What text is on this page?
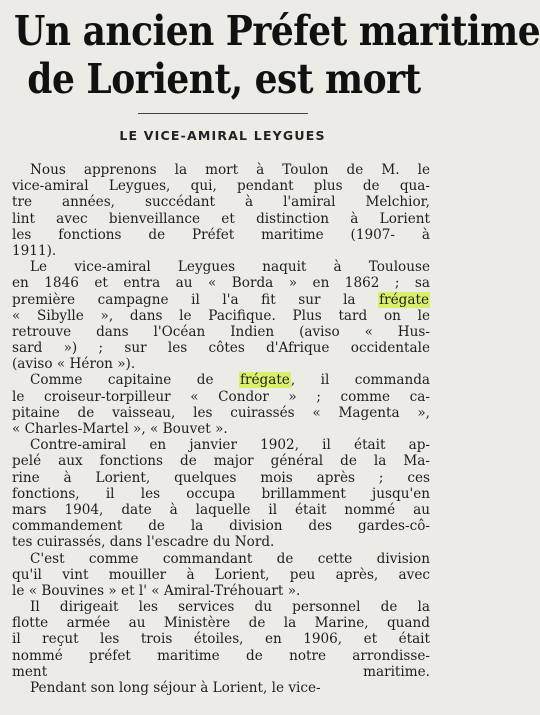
Un ancien Préfet maritime
de Lorient, est mort
LE VICE-AMIRAL LEYGUES
Nous apprenons la mort à Toulon de M. le
vice-amiral Leygues, qui, pendant plus de qua-
tre années, succédant à l'amiral Melchior,
lint avec bienveillance et distinction à Lorient
les fonctions de Préfet maritime (1907- à
1911).
Le vice-amiral Leygues naquit à Toulouse
en 1846 et entra au « Borda » en 1862 ; sa
première campagne il l'a fit sur la frégate
« Sibylle », dans le Pacifique. Plus tard on le
retrouve dans l'Océan Indien (aviso « Hus-
sard ») ; sur les côtes d'Afrique occidentale
(aviso « Héron »).
Comme capitaine de frégate, il commanda
le croiseur-torpilleur « Condor » ; comme ca-
pitaine de vaisseau, les cuirassés « Magenta »,
« Charles-Martel », « Bouvet ».
Contre-amiral en janvier 1902, il était ap-
pelé aux fonctions de major général de la Ma-
rine à Lorient, quelques mois après ; ces
fonctions, il les occupa brillamment jusqu'en
mars 1904, date à laquelle il était nommé au
commandement de la division des gardes-cô-
tes cuirassés, dans l'escadre du Nord.
C'est comme commandant de cette division
qu'il vint mouiller à Lorient, peu après, avec
le « Bouvines » et l' « Amiral-Tréhouart ».
Il dirigeait les services du personnel de la
flotte armée au Ministère de la Marine, quand
il reçut les trois étoiles, en 1906, et était
nommé préfet maritime de notre arrondisse-
ment maritime.
Pendant son long séjour à Lorient, le vice-
